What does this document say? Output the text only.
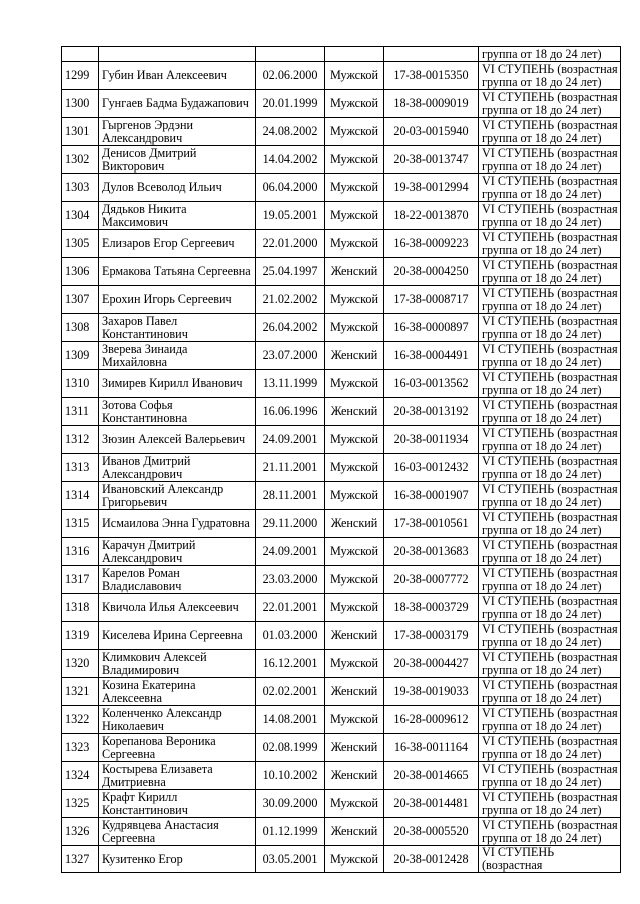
					группа от 18 до 24 лет)
1299	Губин Иван Алексеевич	02.06.2000	Мужской	17-38-0015350	VI СТУПЕНЬ (возрастная
группа от 18 до 24 лет)

1300	Гунгаев Бадма Будажапович	20.01.1999	Мужской	18-38-0009019	VI СТУПЕНЬ (возрастная
группа от 18 до 24 лет)

1301	Гыргенов Эрдэни Александрович	24.08.2002	Мужской	20-03-0015940	VI СТУПЕНЬ (возрастная
группа от 18 до 24 лет)

1302	Денисов Дмитрий Викторович	14.04.2002	Мужской	20-38-0013747	VI СТУПЕНЬ (возрастная
группа от 18 до 24 лет)

1303	Дулов Всеволод Ильич	06.04.2000	Мужской	19-38-0012994	VI СТУПЕНЬ (возрастная
группа от 18 до 24 лет)

1304	Дядьков Никита Максимович	19.05.2001	Мужской	18-22-0013870	VI СТУПЕНЬ (возрастная
группа от 18 до 24 лет)

1305	Елизаров Егор Сергеевич	22.01.2000	Мужской	16-38-0009223	VI СТУПЕНЬ (возрастная
группа от 18 до 24 лет)

1306	Ермакова Татьяна Сергеевна	25.04.1997	Женский	20-38-0004250	VI СТУПЕНЬ (возрастная
группа от 18 до 24 лет)

1307	Ерохин Игорь Сергеевич	21.02.2002	Мужской	17-38-0008717	VI СТУПЕНЬ (возрастная
группа от 18 до 24 лет)

1308	Захаров Павел Константинович	26.04.2002	Мужской	16-38-0000897	VI СТУПЕНЬ (возрастная
группа от 18 до 24 лет)

1309	Зверева Зинаида Михайловна	23.07.2000	Женский	16-38-0004491	VI СТУПЕНЬ (возрастная
группа от 18 до 24 лет)

1310	Зимирев Кирилл Иванович	13.11.1999	Мужской	16-03-0013562	VI СТУПЕНЬ (возрастная
группа от 18 до 24 лет)

1311	Зотова Софья Константиновна	16.06.1996	Женский	20-38-0013192	VI СТУПЕНЬ (возрастная
группа от 18 до 24 лет)

1312	Зюзин Алексей Валерьевич	24.09.2001	Мужской	20-38-0011934	VI СТУПЕНЬ (возрастная
группа от 18 до 24 лет)

1313	Иванов Дмитрий Александрович	21.11.2001	Мужской	16-03-0012432	VI СТУПЕНЬ (возрастная
группа от 18 до 24 лет)

1314	Ивановский Александр Григорьевич	28.11.2001	Мужской	16-38-0001907	VI СТУПЕНЬ (возрастная
группа от 18 до 24 лет)

1315	Исмаилова Энна Гудратовна	29.11.2000	Женский	17-38-0010561	VI СТУПЕНЬ (возрастная
группа от 18 до 24 лет)

1316	Карачун Дмитрий Александрович	24.09.2001	Мужской	20-38-0013683	VI СТУПЕНЬ (возрастная
группа от 18 до 24 лет)

1317	Карелов Роман Владиславович	23.03.2000	Мужской	20-38-0007772	VI СТУПЕНЬ (возрастная
группа от 18 до 24 лет)

1318	Квичола Илья Алексеевич	22.01.2001	Мужской	18-38-0003729	VI СТУПЕНЬ (возрастная
группа от 18 до 24 лет)

1319	Киселева Ирина Сергеевна	01.03.2000	Женский	17-38-0003179	VI СТУПЕНЬ (возрастная
группа от 18 до 24 лет)

1320	Климкович Алексей Владимирович	16.12.2001	Мужской	20-38-0004427	VI СТУПЕНЬ (возрастная
группа от 18 до 24 лет)

1321	Козина Екатерина Алексеевна	02.02.2001	Женский	19-38-0019033	VI СТУПЕНЬ (возрастная
группа от 18 до 24 лет)

1322	Коленченко Александр Николаевич	14.08.2001	Мужской	16-28-0009612	VI СТУПЕНЬ (возрастная
группа от 18 до 24 лет)

1323	Корепанова Вероника Сергеевна	02.08.1999	Женский	16-38-0011164	VI СТУПЕНЬ (возрастная
группа от 18 до 24 лет)

1324	Костырева Елизавета Дмитриевна	10.10.2002	Женский	20-38-0014665	VI СТУПЕНЬ (возрастная
группа от 18 до 24 лет)

1325	Крафт Кирилл Константинович	30.09.2000	Мужской	20-38-0014481	VI СТУПЕНЬ (возрастная
группа от 18 до 24 лет)

1326	Кудрявцева Анастасия Сергеевна	01.12.1999	Женский	20-38-0005520	VI СТУПЕНЬ (возрастная
группа от 18 до 24 лет)

1327	Кузитенко Егор	03.05.2001	Мужской	20-38-0012428	VI СТУПЕНЬ (возрастная
